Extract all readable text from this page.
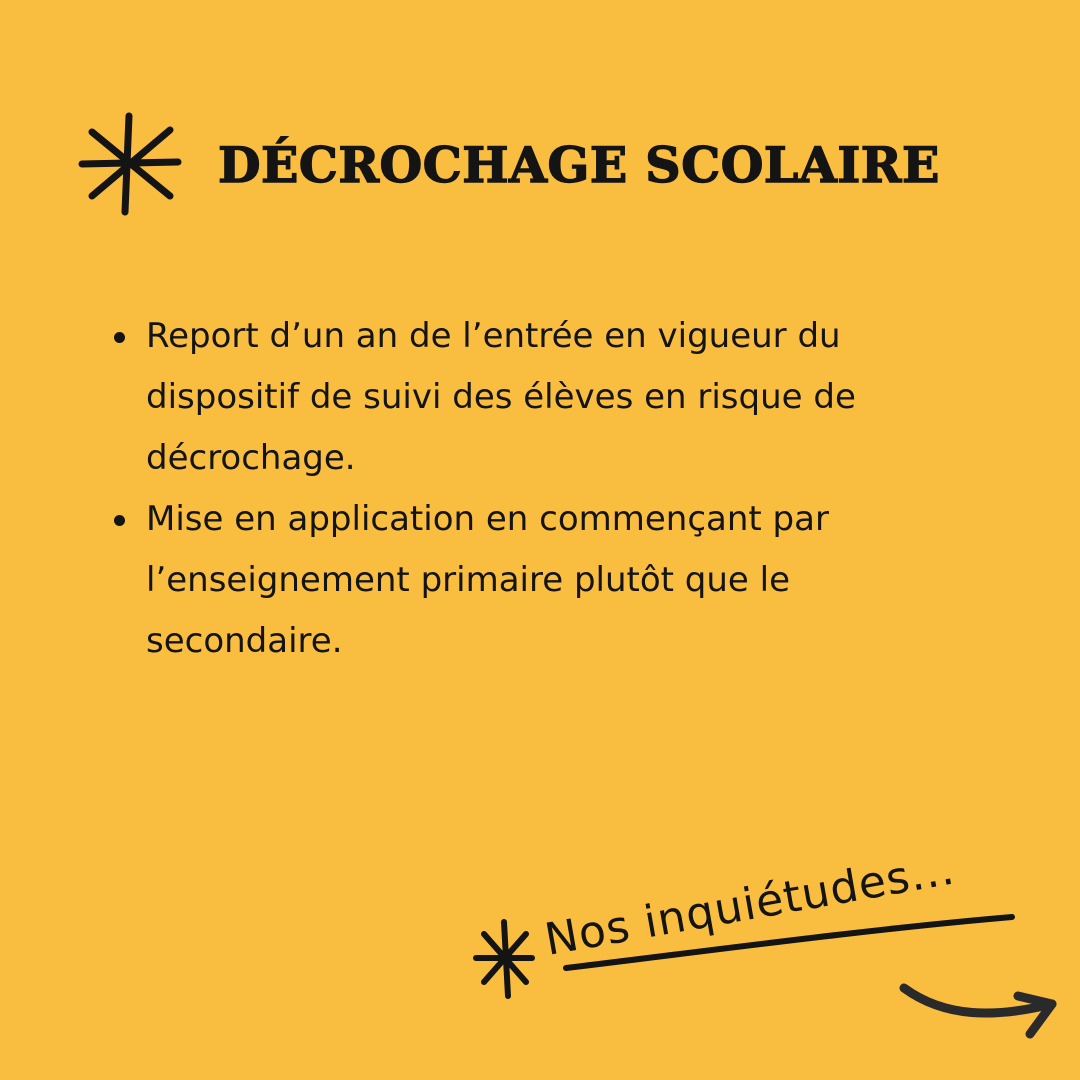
DÉCROCHAGE SCOLAIRE
Report d’un an de l’entrée en vigueur du dispositif de suivi des élèves en risque de décrochage.
Mise en application en commençant par l’enseignement primaire plutôt que le secondaire.
Nos inquiétudes...
